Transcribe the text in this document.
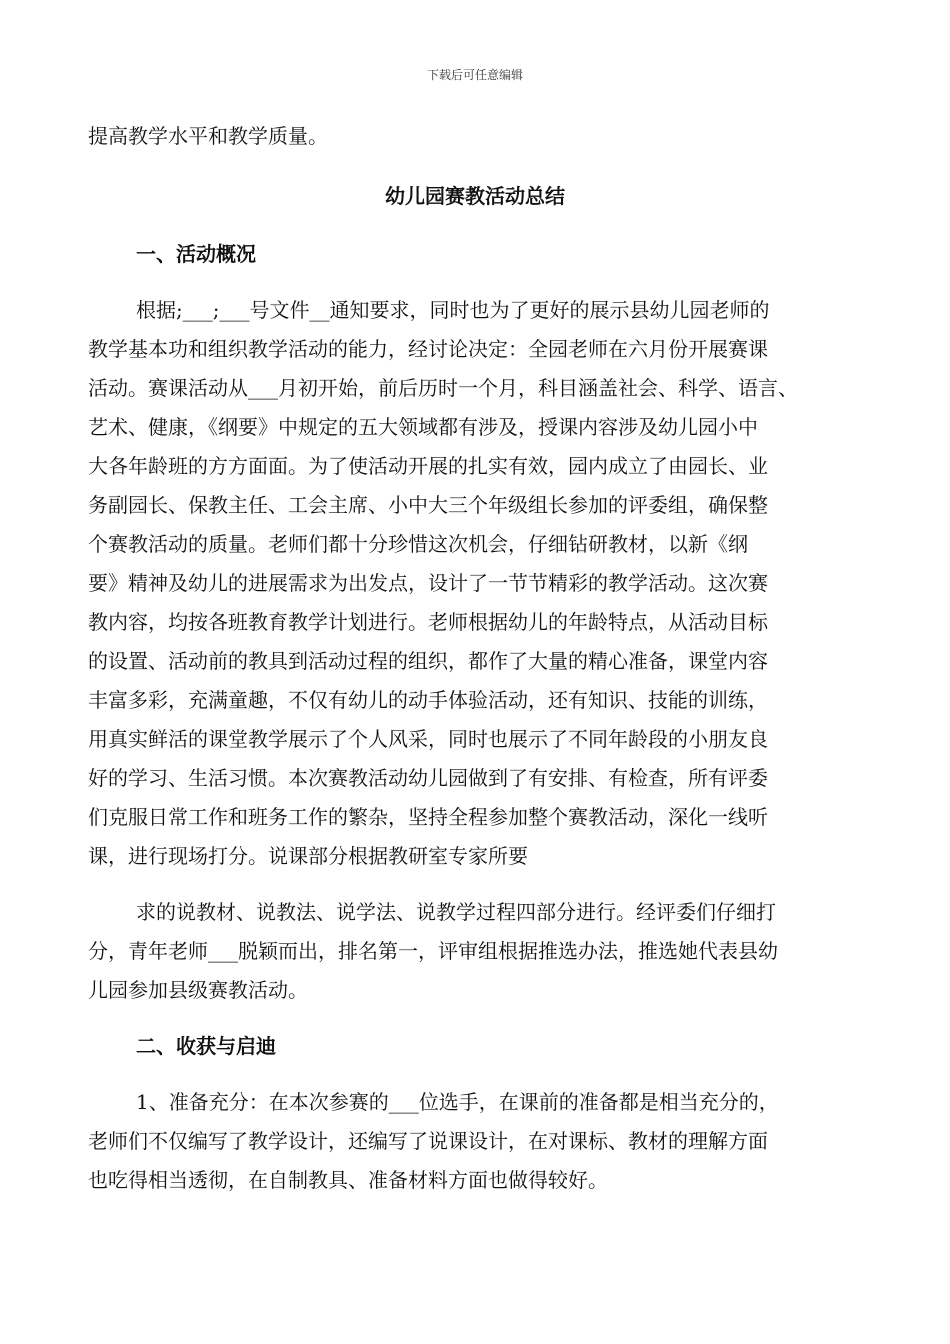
下载后可任意编辑
提高教学水平和教学质量。
幼儿园赛教活动总结
一、活动概况
根据;___;___号文件__通知要求，同时也为了更好的展示县幼儿园老师的
教学基本功和组织教学活动的能力，经讨论决定：全园老师在六月份开展赛课
活动。赛课活动从___月初开始，前后历时一个月，科目涵盖社会、科学、语言、
艺术、健康，《纲要》中规定的五大领域都有涉及，授课内容涉及幼儿园小中
大各年龄班的方方面面。为了使活动开展的扎实有效，园内成立了由园长、业
务副园长、保教主任、工会主席、小中大三个年级组长参加的评委组，确保整
个赛教活动的质量。老师们都十分珍惜这次机会，仔细钻研教材，以新《纲
要》精神及幼儿的进展需求为出发点，设计了一节节精彩的教学活动。这次赛
教内容，均按各班教育教学计划进行。老师根据幼儿的年龄特点，从活动目标
的设置、活动前的教具到活动过程的组织，都作了大量的精心准备，课堂内容
丰富多彩，充满童趣，不仅有幼儿的动手体验活动，还有知识、技能的训练，
用真实鲜活的课堂教学展示了个人风采，同时也展示了不同年龄段的小朋友良
好的学习、生活习惯。本次赛教活动幼儿园做到了有安排、有检查，所有评委
们克服日常工作和班务工作的繁杂，坚持全程参加整个赛教活动，深化一线听
课，进行现场打分。说课部分根据教研室专家所要
求的说教材、说教法、说学法、说教学过程四部分进行。经评委们仔细打
分，青年老师___脱颖而出，排名第一，评审组根据推选办法，推选她代表县幼
儿园参加县级赛教活动。
二、收获与启迪
1、准备充分：在本次参赛的___位选手，在课前的准备都是相当充分的，
老师们不仅编写了教学设计，还编写了说课设计，在对课标、教材的理解方面
也吃得相当透彻，在自制教具、准备材料方面也做得较好。
